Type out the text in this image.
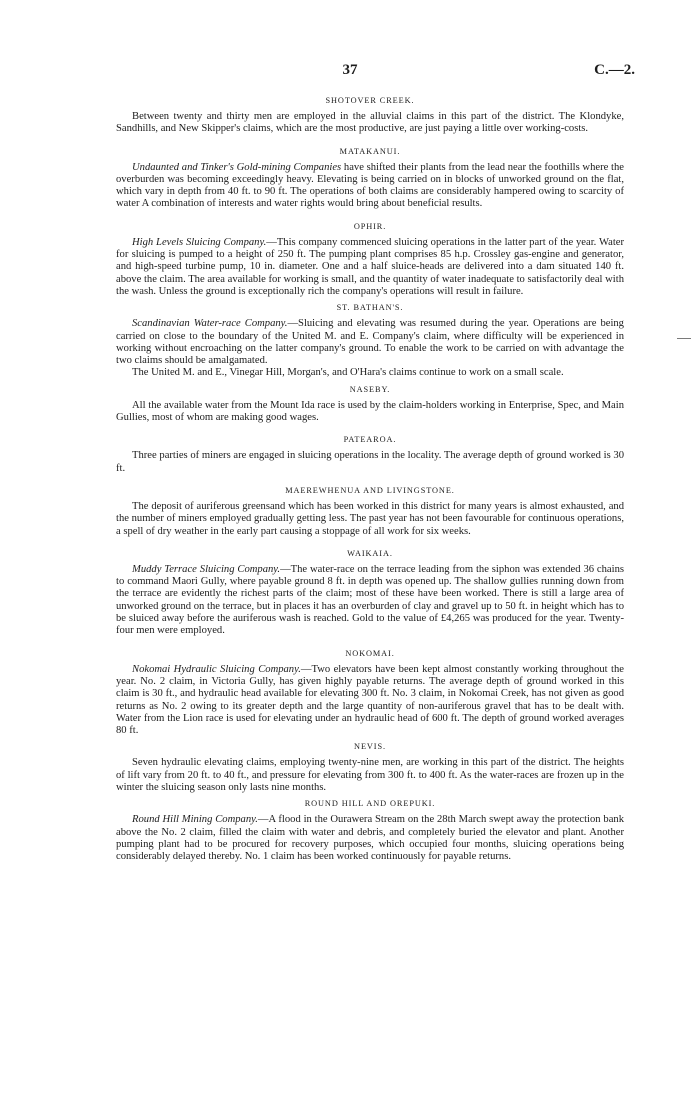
37	C.—2.
SHOTOVER CREEK.

Between twenty and thirty men are employed in the alluvial claims in this part of the district. The Klondyke, Sandhills, and New Skipper's claims, which are the most productive, are just paying a little over working-costs.

MATAKANUI.

Undaunted and Tinker's Gold-mining Companies have shifted their plants from the lead near the foothills where the overburden was becoming exceedingly heavy. Elevating is being carried on in blocks of unworked ground on the flat, which vary in depth from 40 ft. to 90 ft. The operations of both claims are considerably hampered owing to scarcity of water A combination of interests and water rights would bring about beneficial results.

OPHIR.

High Levels Sluicing Company.—This company commenced sluicing operations in the latter part of the year. Water for sluicing is pumped to a height of 250 ft. The pumping plant comprises 85 h.p. Crossley gas-engine and generator, and high-speed turbine pump, 10 in. diameter. One and a half sluice-heads are delivered into a dam situated 140 ft. above the claim. The area available for working is small, and the quantity of water inadequate to satisfactorily deal with the wash. Unless the ground is exceptionally rich the company's operations will result in failure.

ST. BATHAN'S.

Scandinavian Water-race Company.—Sluicing and elevating was resumed during the year. Operations are being carried on close to the boundary of the United M. and E. Company's claim, where difficulty will be experienced in working without encroaching on the latter company's ground. To enable the work to be carried on with advantage the two claims should be amalgamated.

The United M. and E., Vinegar Hill, Morgan's, and O'Hara's claims continue to work on a small scale.

NASEBY.

All the available water from the Mount Ida race is used by the claim-holders working in Enterprise, Spec, and Main Gullies, most of whom are making good wages.

PATEAROA.

Three parties of miners are engaged in sluicing operations in the locality. The average depth of ground worked is 30 ft.

MAEREWHENUA AND LIVINGSTONE.

The deposit of auriferous greensand which has been worked in this district for many years is almost exhausted, and the number of miners employed gradually getting less. The past year has not been favourable for continuous operations, a spell of dry weather in the early part causing a stoppage of all work for six weeks.

WAIKAIA.

Muddy Terrace Sluicing Company.—The water-race on the terrace leading from the siphon was extended 36 chains to command Maori Gully, where payable ground 8 ft. in depth was opened up. The shallow gullies running down from the terrace are evidently the richest parts of the claim; most of these have been worked. There is still a large area of unworked ground on the terrace, but in places it has an overburden of clay and gravel up to 50 ft. in height which has to be sluiced away before the auriferous wash is reached. Gold to the value of £4,265 was produced for the year. Twenty-four men were employed.

NOKOMAI.

Nokomai Hydraulic Sluicing Company.—Two elevators have been kept almost constantly working throughout the year. No. 2 claim, in Victoria Gully, has given highly payable returns. The average depth of ground worked in this claim is 30 ft., and hydraulic head available for elevating 300 ft. No. 3 claim, in Nokomai Creek, has not given as good returns as No. 2 owing to its greater depth and the large quantity of non-auriferous gravel that has to be dealt with. Water from the Lion race is used for elevating under an hydraulic head of 600 ft. The depth of ground worked averages 80 ft.

NEVIS.

Seven hydraulic elevating claims, employing twenty-nine men, are working in this part of the district. The heights of lift vary from 20 ft. to 40 ft., and pressure for elevating from 300 ft. to 400 ft. As the water-races are frozen up in the winter the sluicing season only lasts nine months.

ROUND HILL AND OREPUKI.

Round Hill Mining Company.—A flood in the Ourawera Stream on the 28th March swept away the protection bank above the No. 2 claim, filled the claim with water and debris, and completely buried the elevator and plant. Another pumping plant had to be procured for recovery purposes, which occupied four months, sluicing operations being considerably delayed thereby. No. 1 claim has been worked continuously for payable returns.
